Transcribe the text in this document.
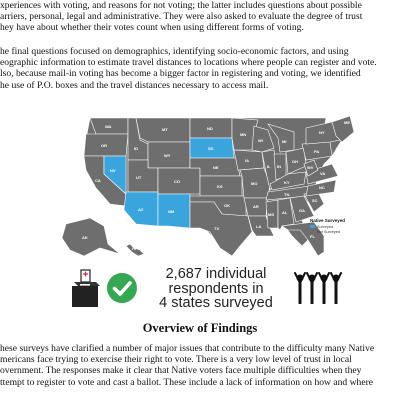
xperiences with voting, and reasons for not voting; the latter includes questions about possible
arriers, personal, legal and administrative. They were also asked to evaluate the degree of trust
hey have about whether their votes count when using different forms of voting.
he final questions focused on demographics, identifying socio-economic factors, and using
eographic information to estimate travel distances to locations where people can register and vote.
lso, because mail-in voting has become a bigger factor in registering and voting, we identified
he use of P.O. boxes and the travel distances necessary to access mail.
WA
OR
CA
NV
ID
MT
WY
UT
CO
AZ	NM
ND
SD
NE
KS
OK
TX
MN
IA
MO
AR
LA
WI
IL
MI
IN
OH
KY
TN
MS AL	GA
FL
SC
NC
VA
WV
PA
NY
ME
AK
HI
Native Surveyed
Surveyed
Not Surveyed
2,687 individual
respondents in
4 states surveyed
Overview of Findings
hese surveys have clarified a number of major issues that contribute to the difficulty many Native
mericans face trying to exercise their right to vote. There is a very low level of trust in local
overnment. The responses make it clear that Native voters face multiple difficulties when they
ttempt to register to vote and cast a ballot. These include a lack of information on how and where
